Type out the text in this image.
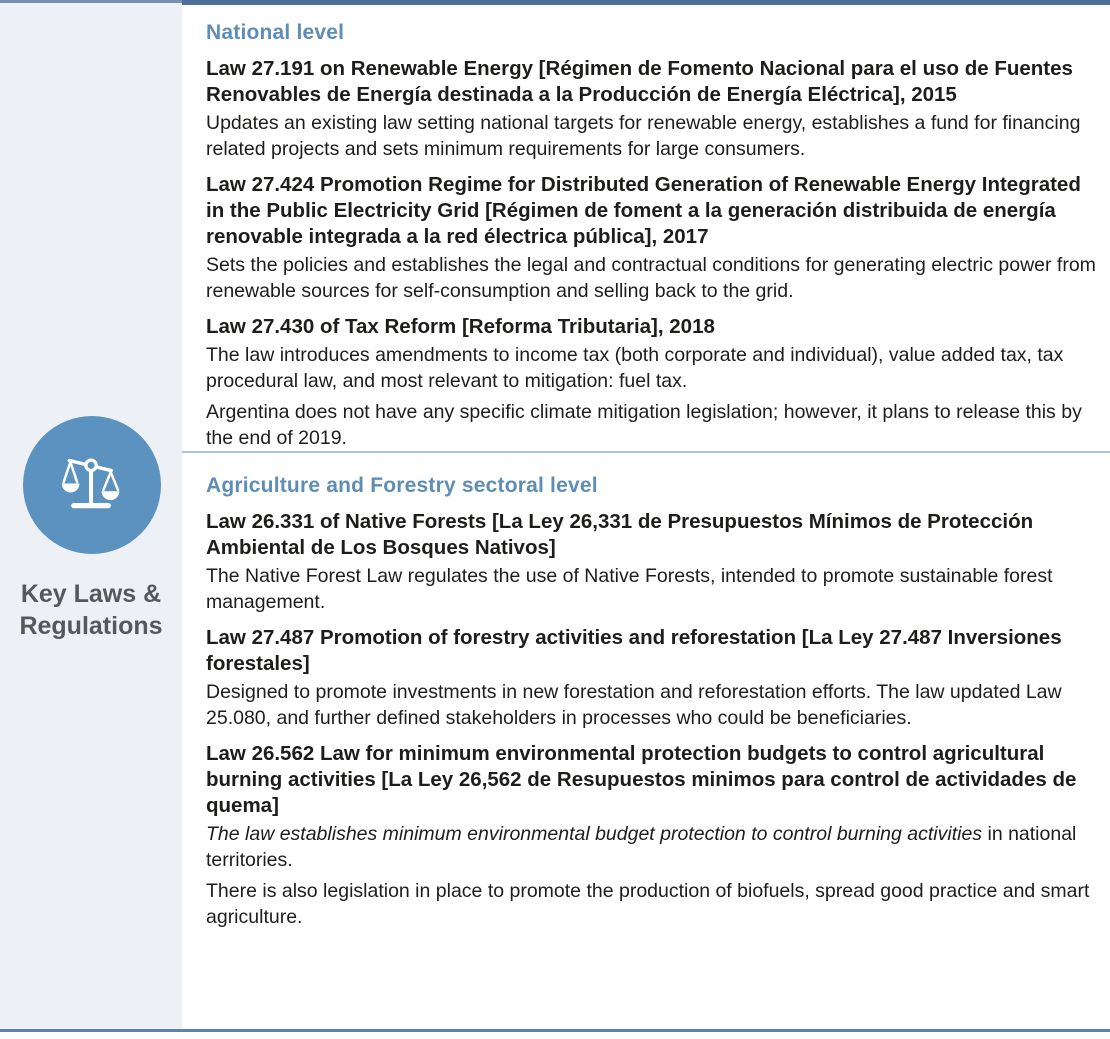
Key Laws &
Regulations
National level
Law 27.191 on Renewable Energy [Régimen de Fomento Nacional para el uso de Fuentes Renovables de Energía destinada a la Producción de Energía Eléctrica], 2015

Updates an existing law setting national targets for renewable energy, establishes a fund for financing related projects and sets minimum requirements for large consumers.

Law 27.424 Promotion Regime for Distributed Generation of Renewable Energy Integrated in the Public Electricity Grid [Régimen de foment a la generación distribuida de energía renovable integrada a la red électrica pública], 2017

Sets the policies and establishes the legal and contractual conditions for generating electric power from renewable sources for self-consumption and selling back to the grid.

Law 27.430 of Tax Reform [Reforma Tributaria], 2018

The law introduces amendments to income tax (both corporate and individual), value added tax, tax procedural law, and most relevant to mitigation: fuel tax.

Argentina does not have any specific climate mitigation legislation; however, it plans to release this by the end of 2019.

Agriculture and Forestry sectoral level
Law 26.331 of Native Forests [La Ley 26,331 de Presupuestos Mínimos de Protección Ambiental de Los Bosques Nativos]

The Native Forest Law regulates the use of Native Forests, intended to promote sustainable forest management.

Law 27.487 Promotion of forestry activities and reforestation [La Ley 27.487 Inversiones forestales]

Designed to promote investments in new forestation and reforestation efforts. The law updated Law 25.080, and further defined stakeholders in processes who could be beneficiaries.

Law 26.562 Law for minimum environmental protection budgets to control agricultural burning activities [La Ley 26,562 de Resupuestos minimos para control de actividades de quema]

The law establishes minimum environmental budget protection to control burning activities in national territories.

There is also legislation in place to promote the production of biofuels, spread good practice and smart agriculture.
